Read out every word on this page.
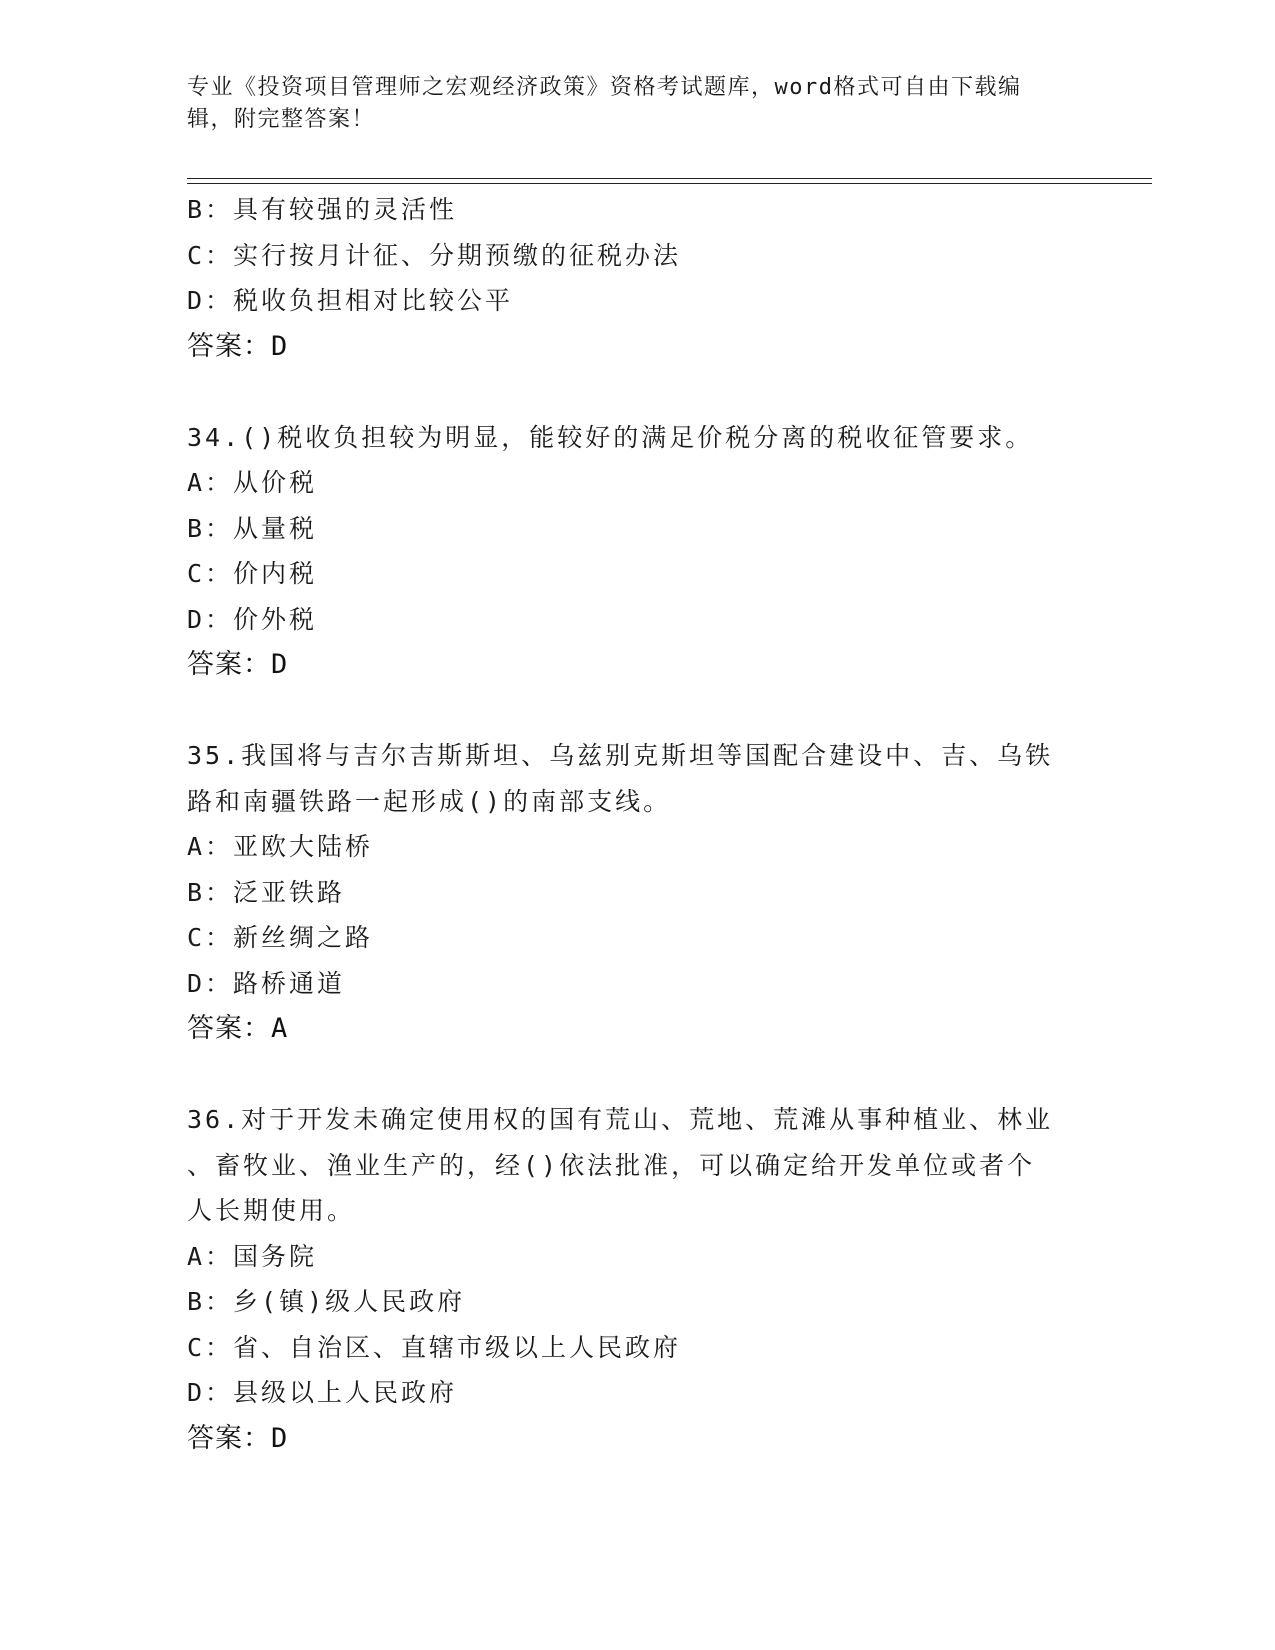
专业《投资项目管理师之宏观经济政策》资格考试题库，word格式可自由下载编
辑，附完整答案！
B：具有较强的灵活性
C：实行按月计征、分期预缴的征税办法
D：税收负担相对比较公平
答案：D
34.()税收负担较为明显，能较好的满足价税分离的税收征管要求。
A：从价税
B：从量税
C：价内税
D：价外税
答案：D
35.我国将与吉尔吉斯斯坦、乌兹别克斯坦等国配合建设中、吉、乌铁
路和南疆铁路一起形成()的南部支线。
A：亚欧大陆桥
B：泛亚铁路
C：新丝绸之路
D：路桥通道
答案：A
36.对于开发未确定使用权的国有荒山、荒地、荒滩从事种植业、林业
、畜牧业、渔业生产的，经()依法批准，可以确定给开发单位或者个
人长期使用。
A：国务院
B：乡(镇)级人民政府
C：省、自治区、直辖市级以上人民政府
D：县级以上人民政府
答案：D
